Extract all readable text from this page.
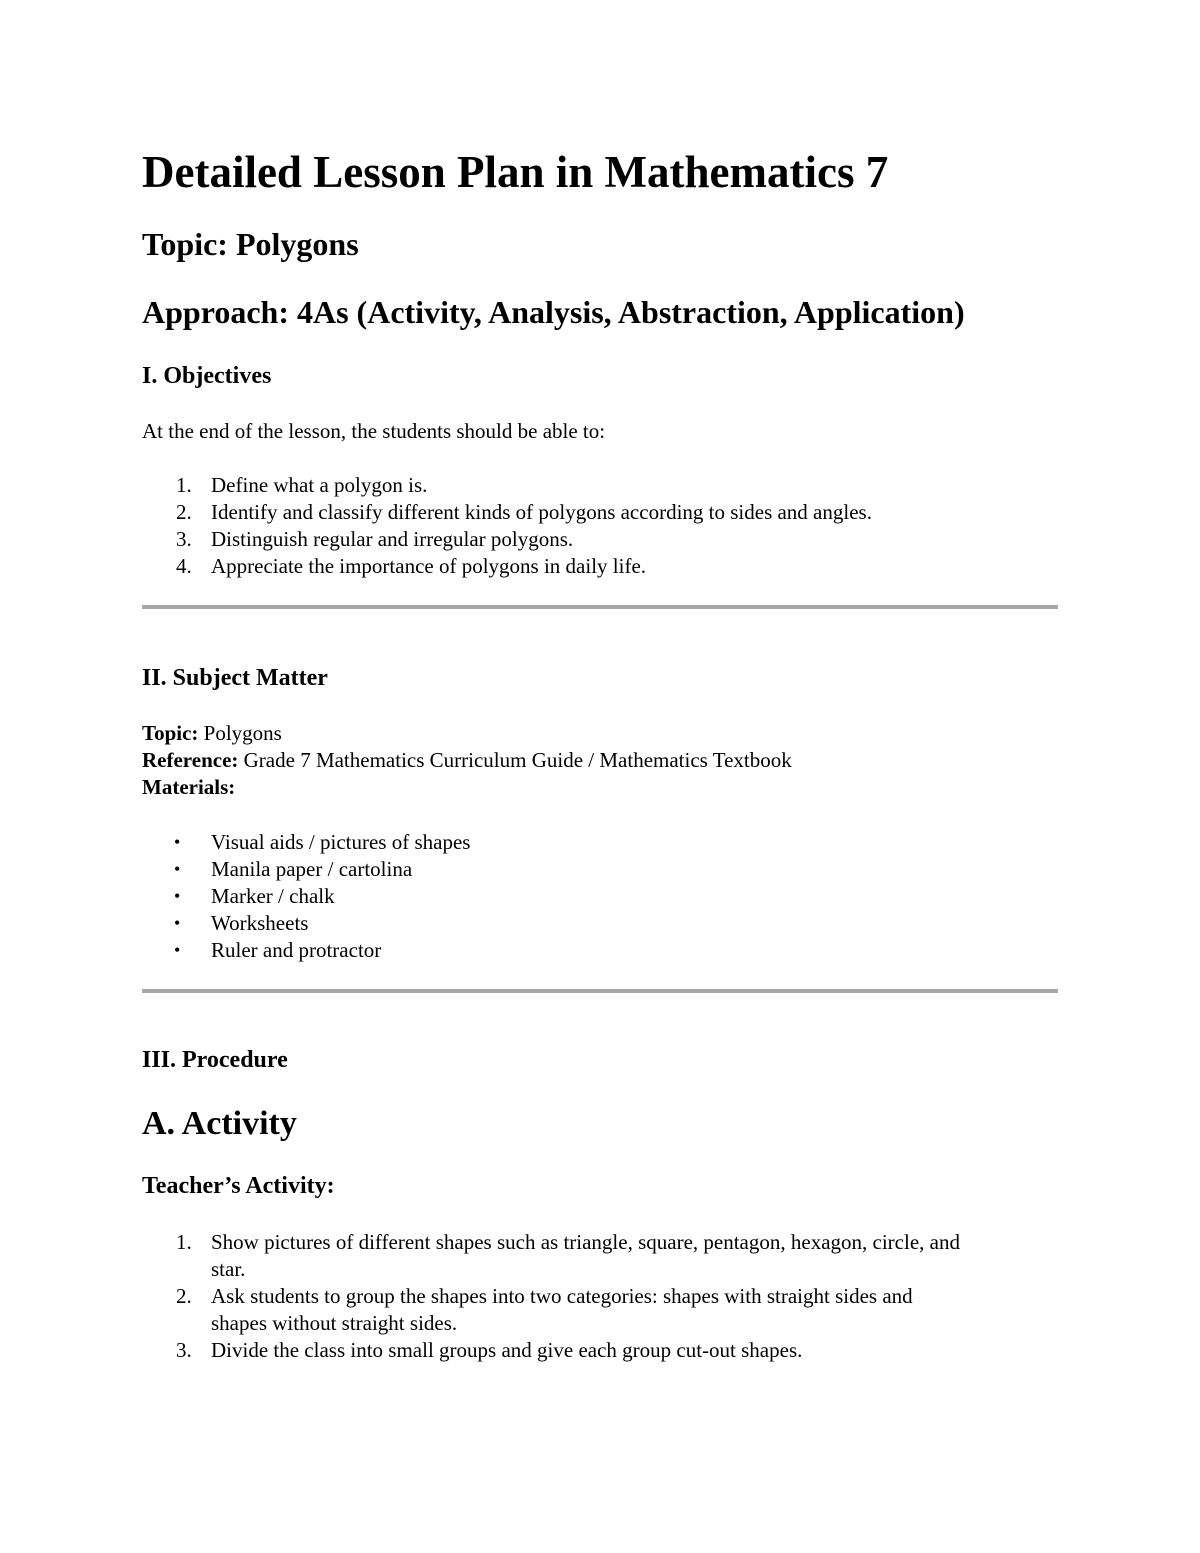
Detailed Lesson Plan in Mathematics 7
Topic: Polygons
Approach: 4As (Activity, Analysis, Abstraction, Application)
I. Objectives

At the end of the lesson, the students should be able to:

1. Define what a polygon is.
2. Identify and classify different kinds of polygons according to sides and angles.
3. Distinguish regular and irregular polygons.
4. Appreciate the importance of polygons in daily life.
II. Subject Matter
Topic: Polygons
Reference: Grade 7 Mathematics Curriculum Guide / Mathematics Textbook
Materials:
• Visual aids / pictures of shapes
• Manila paper / cartolina
• Marker / chalk
• Worksheets
• Ruler and protractor
III. Procedure
A. Activity
Teacher’s Activity:
1. Show pictures of different shapes such as triangle, square, pentagon, hexagon, circle, and
star.
2. Ask students to group the shapes into two categories: shapes with straight sides and
shapes without straight sides.
3. Divide the class into small groups and give each group cut-out shapes.
